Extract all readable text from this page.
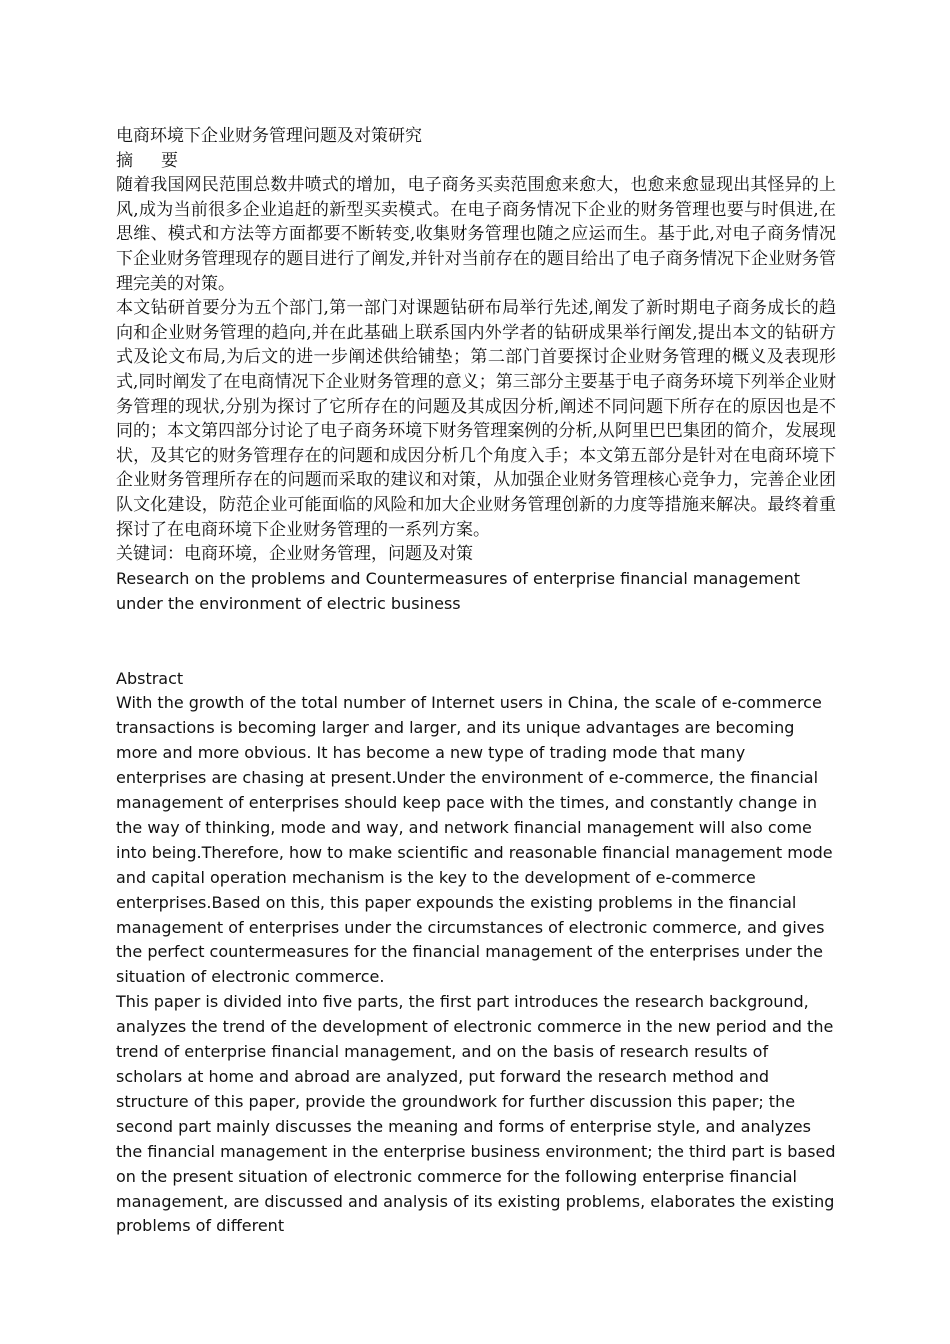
电商环境下企业财务管理问题及对策研究

摘要

随着我国网民范围总数井喷式的增加，电子商务买卖范围愈来愈大，也愈来愈显现出其怪异的上风,成为当前很多企业追赶的新型买卖模式。在电子商务情况下企业的财务管理也要与时俱进,在思维、模式和方法等方面都要不断转变,收集财务管理也随之应运而生。基于此,对电子商务情况下企业财务管理现存的题目进行了阐发,并针对当前存在的题目给出了电子商务情况下企业财务管理完美的对策。

本文钻研首要分为五个部门,第一部门对课题钻研布局举行先述,阐发了新时期电子商务成长的趋向和企业财务管理的趋向,并在此基础上联系国内外学者的钻研成果举行阐发,提出本文的钻研方式及论文布局,为后文的进一步阐述供给铺垫；第二部门首要探讨企业财务管理的概义及表现形式,同时阐发了在电商情况下企业财务管理的意义；第三部分主要基于电子商务环境下列举企业财务管理的现状,分别为探讨了它所存在的问题及其成因分析,阐述不同问题下所存在的原因也是不同的；本文第四部分讨论了电子商务环境下财务管理案例的分析,从阿里巴巴集团的简介，发展现状，及其它的财务管理存在的问题和成因分析几个角度入手；本文第五部分是针对在电商环境下企业财务管理所存在的问题而采取的建议和对策，从加强企业财务管理核心竞争力，完善企业团队文化建设，防范企业可能面临的风险和加大企业财务管理创新的力度等措施来解决。最终着重探讨了在电商环境下企业财务管理的一系列方案。

关键词：电商环境，企业财务管理，问题及对策

Research on the problems and Countermeasures of enterprise financial management under the environment of electric business

Abstract

With the growth of the total number of Internet users in China, the scale of e-commerce transactions is becoming larger and larger, and its unique advantages are becoming more and more obvious. It has become a new type of trading mode that many enterprises are chasing at present.Under the environment of e-commerce, the financial management of enterprises should keep pace with the times, and constantly change in the way of thinking, mode and way, and network financial management will also come into being.Therefore, how to make scientific and reasonable financial management mode and capital operation mechanism is the key to the development of e-commerce enterprises.Based on this, this paper expounds the existing problems in the financial management of enterprises under the circumstances of electronic commerce, and gives the perfect countermeasures for the financial management of the enterprises under the situation of electronic commerce.

This paper is divided into five parts, the first part introduces the research background, analyzes the trend of the development of electronic commerce in the new period and the trend of enterprise financial management, and on the basis of research results of scholars at home and abroad are analyzed, put forward the research method and structure of this paper, provide the groundwork for further discussion this paper; the second part mainly discusses the meaning and forms of enterprise style, and analyzes the financial management in the enterprise business environment; the third part is based on the present situation of electronic commerce for the following enterprise financial management, are discussed and analysis of its existing problems, elaborates the existing problems of different
